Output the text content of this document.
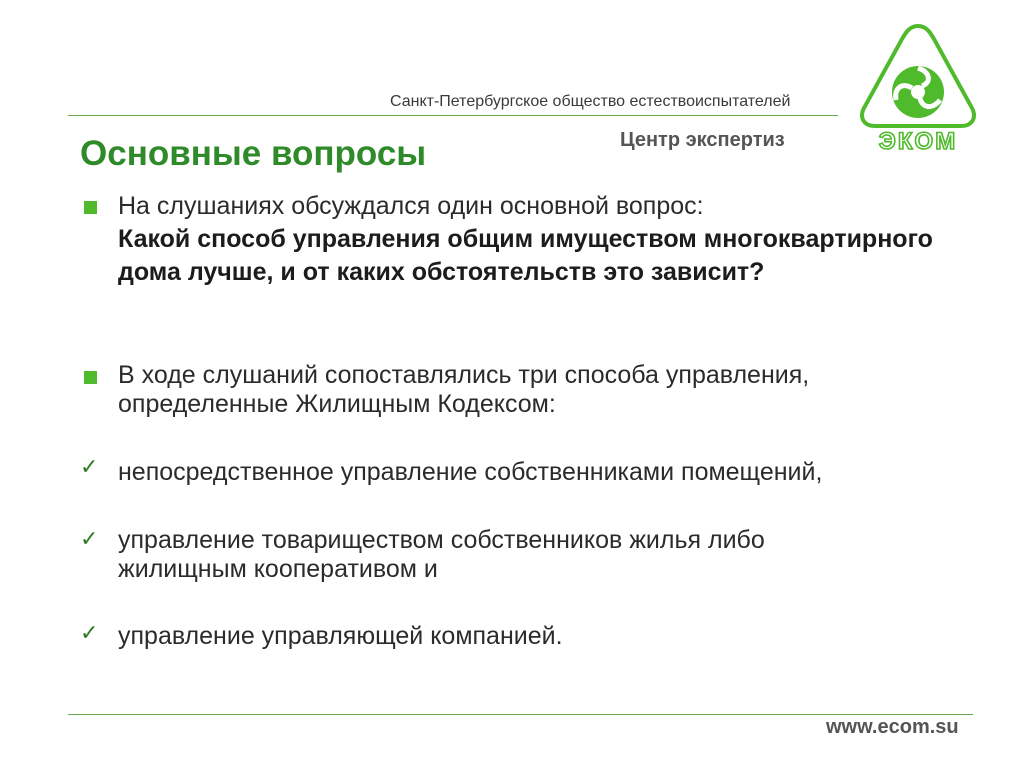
Санкт-Петербургское общество естествоиспытателей
Центр экспертиз	ЭКОМ
Основные вопросы
На слушаниях обсуждался один основной вопрос:
Какой способ управления общим имуществом многоквартирного дома лучше, и от каких обстоятельств это зависит?
В ходе слушаний сопоставлялись три способа управления, определенные Жилищным Кодексом:
✓ непосредственное управление собственниками помещений,
✓ управление товариществом собственников жилья либо жилищным кооперативом и
✓ управление управляющей компанией.
www.ecom.su
